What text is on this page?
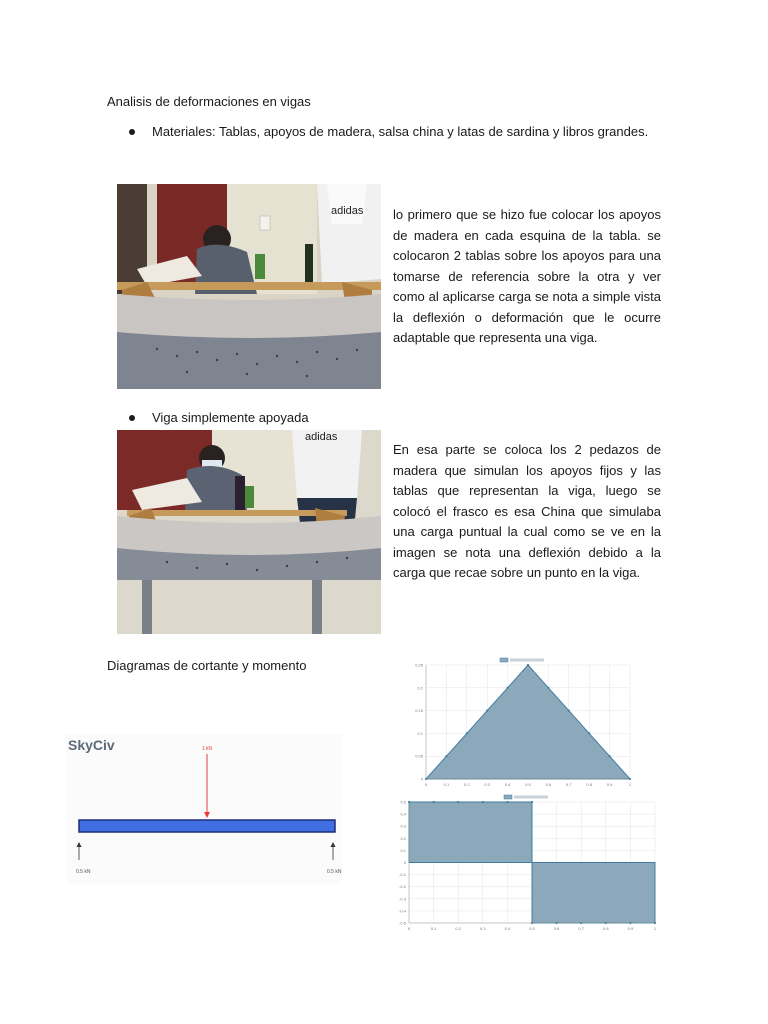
Analisis de deformaciones en vigas
Materiales: Tablas, apoyos de madera, salsa china y latas de sardina y libros grandes.
adidas lo primero que se hizo fue colocar los apoyos de madera en cada esquina de la tabla. se colocaron 2 tablas sobre los apoyos para una tomarse de referencia sobre la otra y ver como al aplicarse carga se nota a simple vista la deflexión o deformación que le ocurre adaptable que representa una viga.
Viga simplemente apoyada
adidas
En esa parte se coloca los 2 pedazos de madera que simulan los apoyos fijos y las tablas que representan la viga, luego se colocó el frasco es esa China que simulaba una carga puntual la cual como se ve en la imagen se nota una deflexión debido a la carga que recae sobre un punto en la viga.
Diagramas de cortante y momento
SkyCiv	1 kN
0.5 kN	0.5 kN
0
0.05
0.1
0.15
0.2
0.25
0	0.1	0.2	0.3	0.4	0.5	0.6	0.7	0.8	0.9	1
0.5
0.4
0.3
0.2
0.1
0
-0.1
-0.2
-0.3
-0.4
-0.5
0	0.1	0.2	0.3	0.4	0.5	0.6	0.7	0.8	0.9	1
